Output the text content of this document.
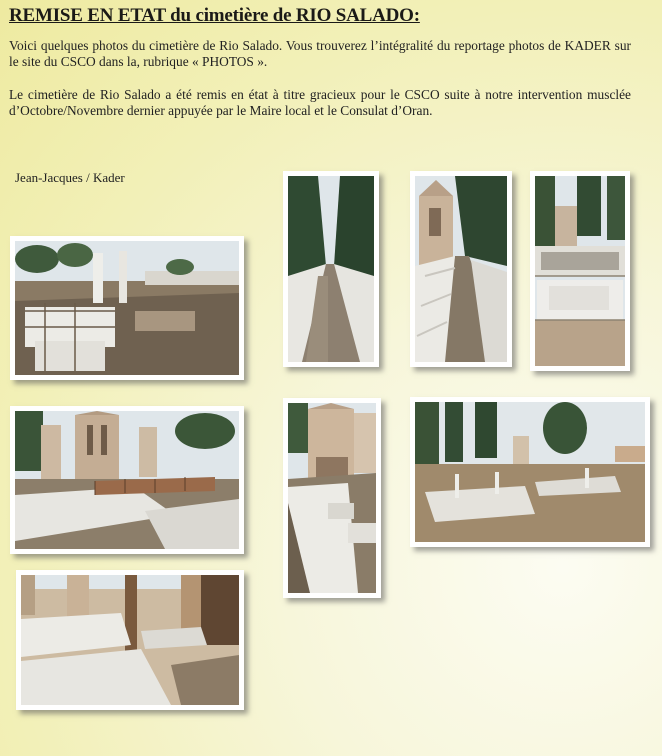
REMISE EN ETAT du cimetière de RIO SALADO:

Voici quelques photos du cimetière de Rio Salado. Vous trouverez l’intégralité du reportage photos de KADER sur le site du CSCO dans la, rubrique « PHOTOS ».

Le cimetière de Rio Salado a été remis en état à titre gracieux pour le CSCO suite à notre intervention musclée d’Octobre/Novembre dernier appuyée par le Maire local et le Consulat d’Oran.

Jean-Jacques / Kader
